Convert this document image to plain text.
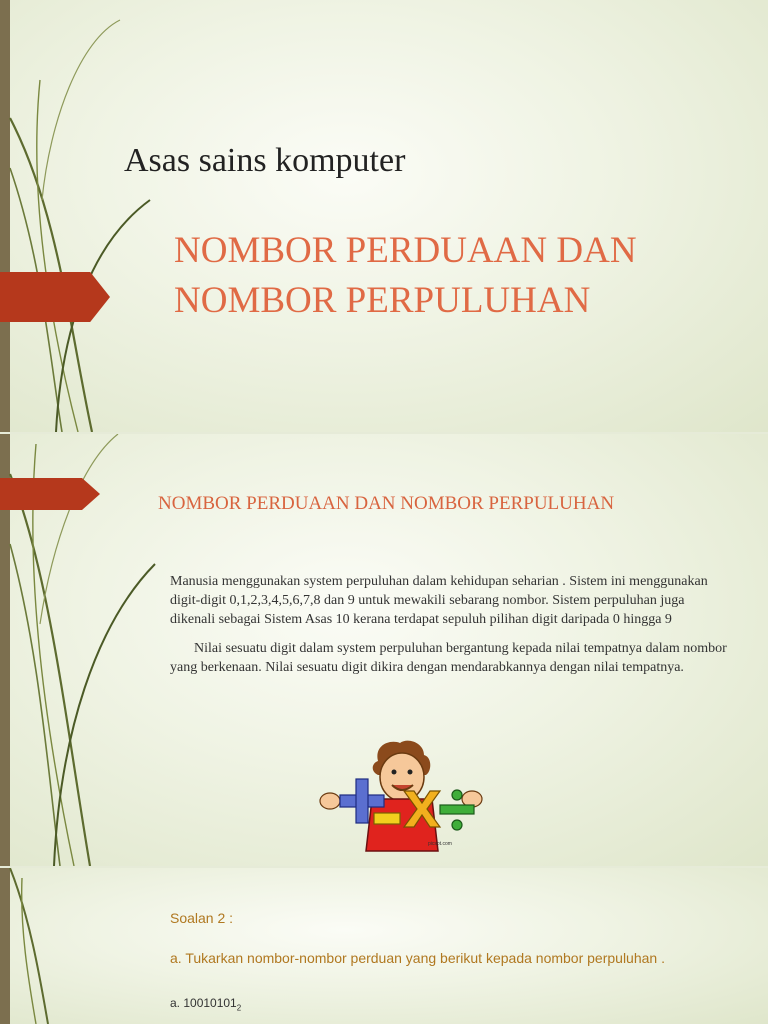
Asas sains komputer
NOMBOR PERDUAAN DAN
NOMBOR PERPULUHAN
NOMBOR PERDUAAN DAN NOMBOR PERPULUHAN

Manusia menggunakan system perpuluhan dalam kehidupan seharian . Sistem ini menggunakan digit-digit 0,1,2,3,4,5,6,7,8 dan 9 untuk mewakili sebarang nombor. Sistem perpuluhan juga dikenali sebagai Sistem Asas 10 kerana terdapat sepuluh pilihan digit daripada 0 hingga 9

Nilai sesuatu digit dalam system perpuluhan bergantung kepada nilai tempatnya dalam nombor yang berkenaan. Nilai sesuatu digit dikira dengan mendarabkannya dengan nilai tempatnya.

picsot.com
Soalan 2 :
a. Tukarkan nombor-nombor perduan yang berikut kepada nombor perpuluhan .
a. $10010101_2$
